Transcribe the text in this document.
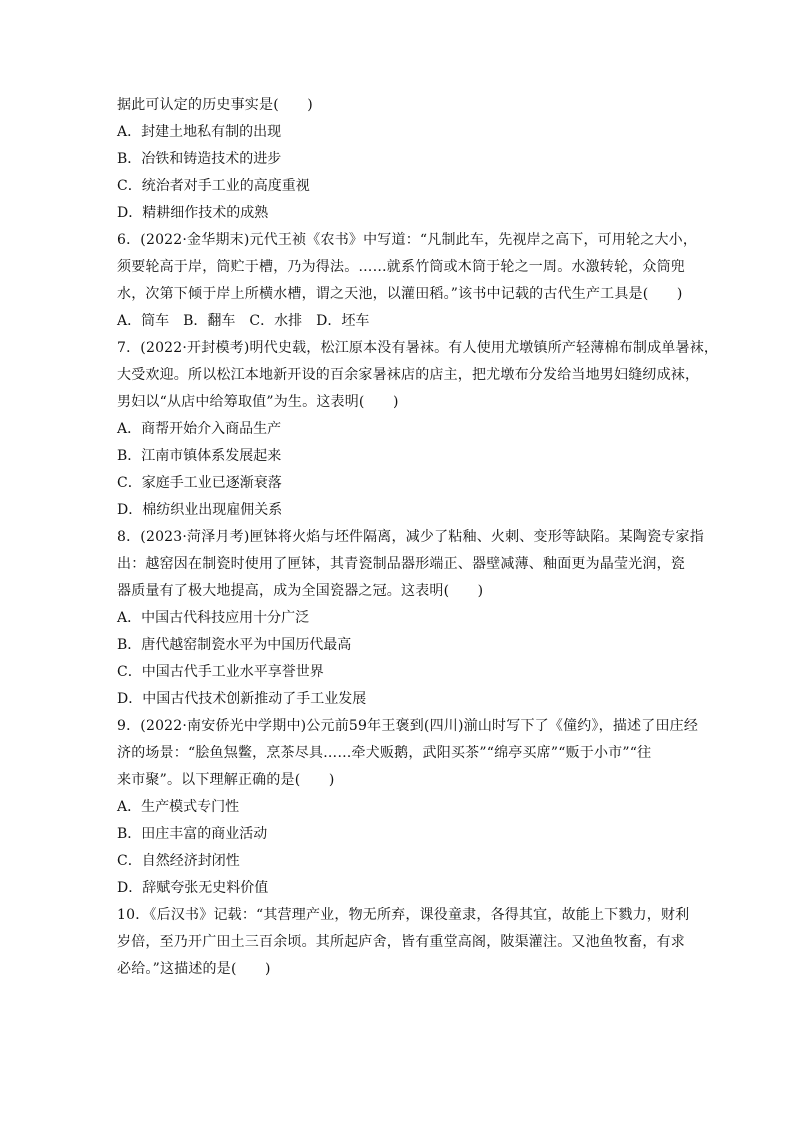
据此可认定的历史事实是(　　)
A．封建土地私有制的出现
B．冶铁和铸造技术的进步
C．统治者对手工业的高度重视
D．精耕细作技术的成熟
6．(2022·金华期末)元代王祯《农书》中写道：“凡制此车，先视岸之高下，可用轮之大小，
须要轮高于岸，筒贮于槽，乃为得法。……就系竹筒或木筒于轮之一周。水激转轮，众筒兜
水，次第下倾于岸上所横水槽，谓之天池，以灌田稻。”该书中记载的古代生产工具是(　　)
A．筒车　B．翻车　C．水排　D．坯车
7．(2022·开封模考)明代史载，松江原本没有暑袜。有人使用尤墩镇所产轻薄棉布制成单暑袜，
大受欢迎。所以松江本地新开设的百余家暑袜店的店主，把尤墩布分发给当地男妇缝纫成袜，
男妇以“从店中给筹取值”为生。这表明(　　)
A．商帮开始介入商品生产
B．江南市镇体系发展起来
C．家庭手工业已逐渐衰落
D．棉纺织业出现雇佣关系
8．(2023·菏泽月考)匣钵将火焰与坯件隔离，减少了粘釉、火刺、变形等缺陷。某陶瓷专家指
出：越窑因在制瓷时使用了匣钵，其青瓷制品器形端正、器壁减薄、釉面更为晶莹光润，瓷
器质量有了极大地提高，成为全国瓷器之冠。这表明(　　)
A．中国古代科技应用十分广泛
B．唐代越窑制瓷水平为中国历代最高
C．中国古代手工业水平享誉世界
D．中国古代技术创新推动了手工业发展
9．(2022·南安侨光中学期中)公元前59年王褒到(四川)湔山时写下了《僮约》，描述了田庄经
济的场景：“脍鱼炰鳖，烹茶尽具……牵犬贩鹅，武阳买茶”“绵亭买席”“贩于小市”“往
来市聚”。以下理解正确的是(　　)
A．生产模式专门性
B．田庄丰富的商业活动
C．自然经济封闭性
D．辞赋夸张无史料价值
10．《后汉书》记载：“其营理产业，物无所弃，课役童隶，各得其宜，故能上下戮力，财利
岁倍，至乃开广田土三百余顷。其所起庐舍，皆有重堂高阁，陂渠灌注。又池鱼牧畜，有求
必给。”这描述的是(　　)
